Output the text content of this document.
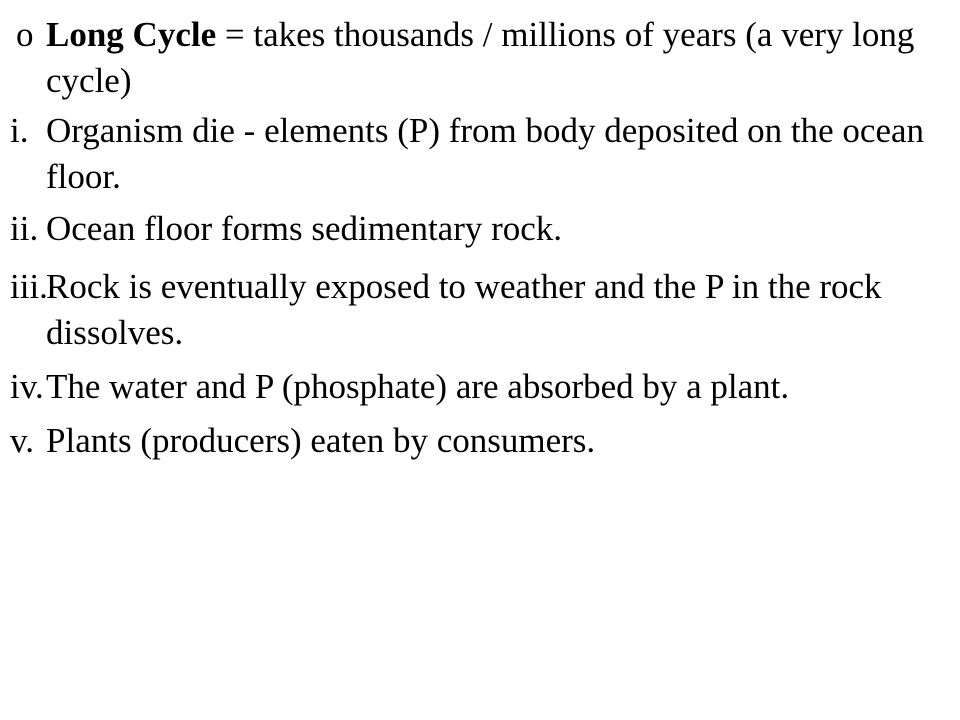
o Long Cycle = takes thousands / millions of years (a very long cycle)
i. Organism die - elements (P) from body deposited on the ocean floor.
ii. Ocean floor forms sedimentary rock.
iii.
Rock is eventually exposed to weather and the P in the rock dissolves.
iv. The water and P (phosphate) are absorbed by a plant.
v. Plants (producers) eaten by consumers.
